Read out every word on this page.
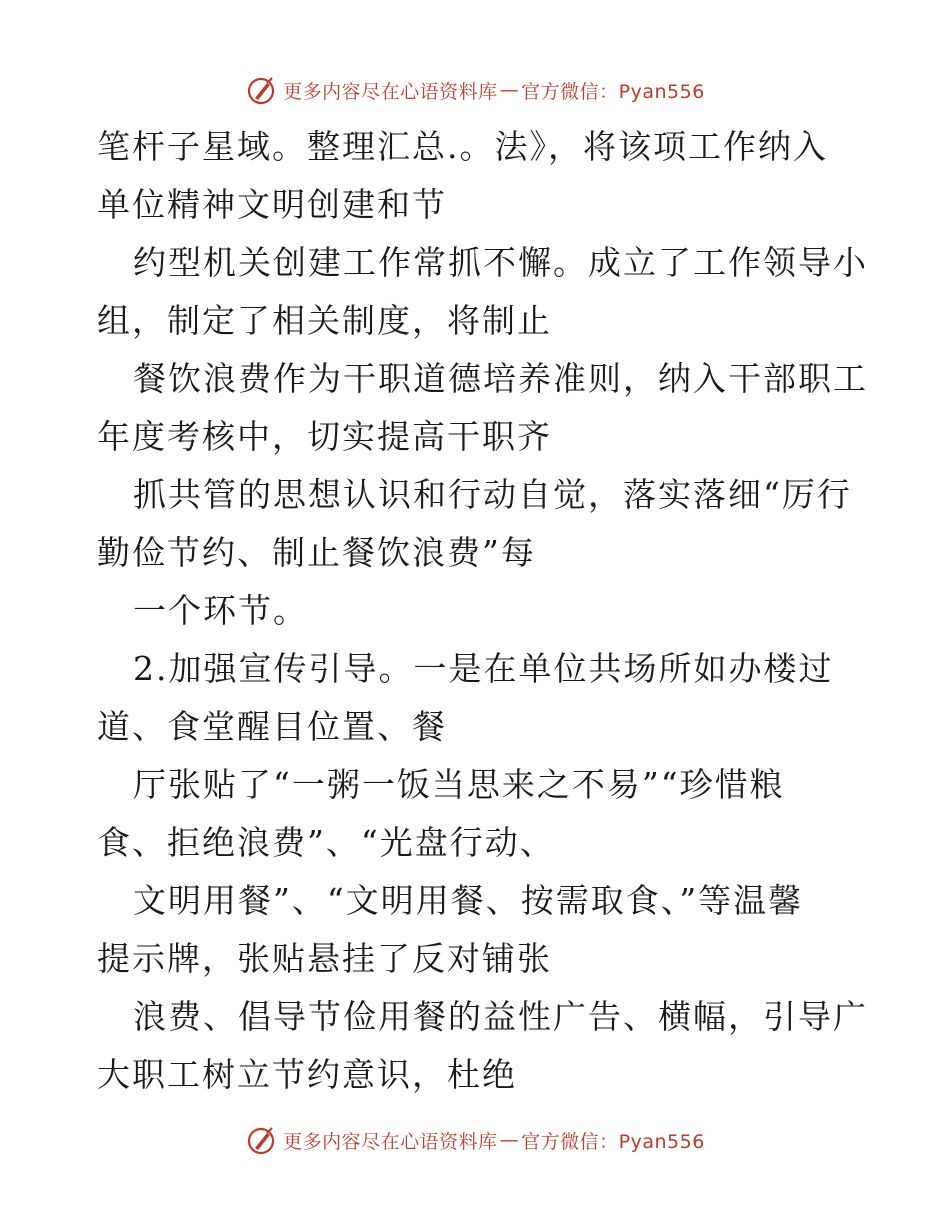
更多内容尽在心语资料库 — 官方微信：Pyan556
笔杆子星域。整理汇总.。法》，将该项工作纳入
单位精神文明创建和节
约型机关创建工作常抓不懈。成立了工作领导小
组，制定了相关制度，将制止
餐饮浪费作为干职道德培养准则，纳入干部职工
年度考核中，切实提高干职齐
抓共管的思想认识和行动自觉，落实落细“厉行
勤俭节约、制止餐饮浪费”每
一个环节。
2.加强宣传引导。一是在单位共场所如办楼过
道、食堂醒目位置、餐
厅张贴了“一粥一饭当思来之不易”“珍惜粮
食、拒绝浪费”、“光盘行动、
文明用餐”、“文明用餐、按需取食、”等温馨
提示牌，张贴悬挂了反对铺张
浪费、倡导节俭用餐的益性广告、横幅，引导广
大职工树立节约意识，杜绝
更多内容尽在心语资料库 — 官方微信：Pyan556
